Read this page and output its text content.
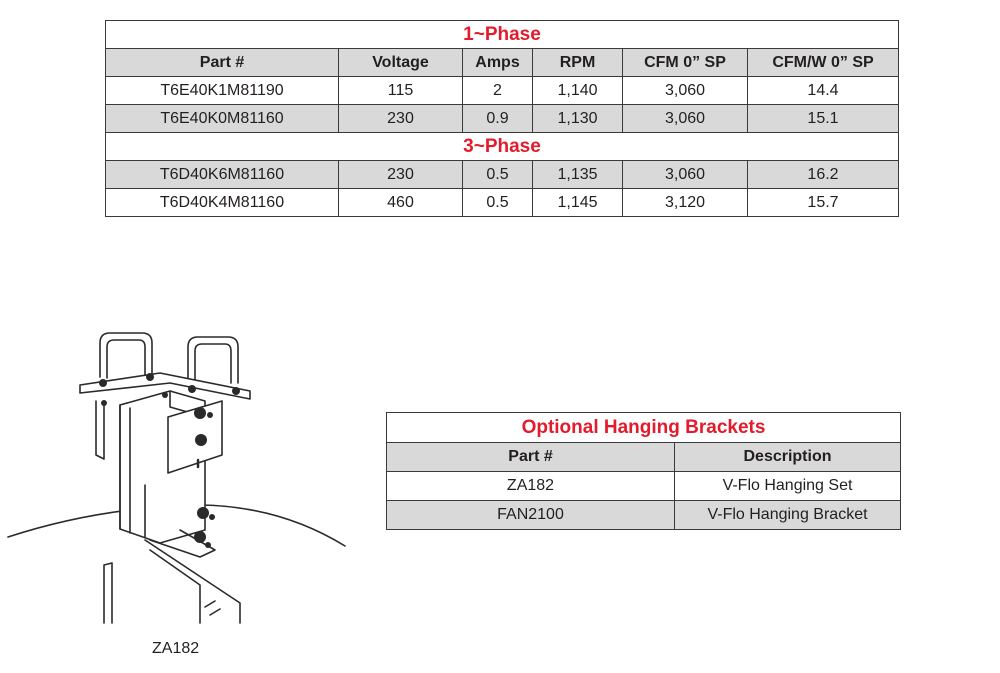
1~Phase					
Part #	Voltage	Amps	RPM	CFM 0” SP	CFM/W 0” SP
T6E40K1M81190	115	2	1,140	3,060	14.4
T6E40K0M81160	230	0.9	1,130	3,060	15.1
3~Phase					
T6D40K6M81160	230	0.5	1,135	3,060	16.2
T6D40K4M81160	460	0.5	1,145	3,120	15.7
ZA182
Optional Hanging Brackets	
Part #	Description
ZA182	V-Flo Hanging Set
FAN2100	V-Flo Hanging Bracket
